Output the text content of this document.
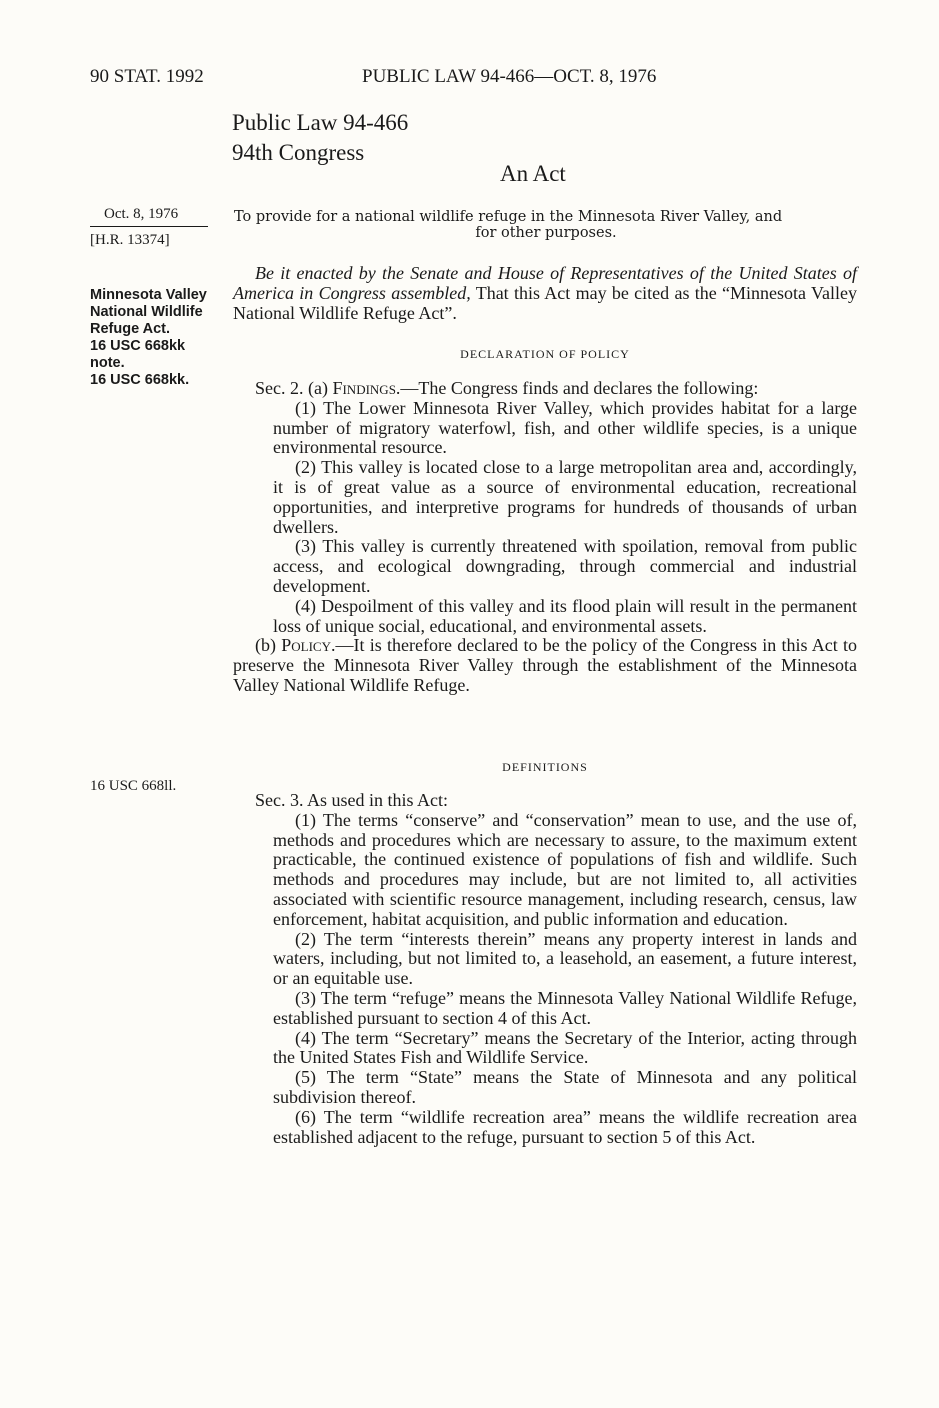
90 STAT. 1992	PUBLIC LAW 94-466—OCT. 8, 1976
Public Law 94-466
94th Congress
An Act
Oct. 8, 1976
[H.R. 13374]
Minnesota Valley National Wildlife Refuge Act.
16 USC 668kk note.
16 USC 668kk.
16 USC 668ll.
To provide for a national wildlife refuge in the Minnesota River Valley, and
for other purposes.

Be it enacted by the Senate and House of Representatives of the United States of America in Congress assembled, That this Act may be cited as the “Minnesota Valley National Wildlife Refuge Act”.

DECLARATION OF POLICY

Sec. 2. (a) Findings.—The Congress finds and declares the following:

(1) The Lower Minnesota River Valley, which provides habitat for a large number of migratory waterfowl, fish, and other wildlife species, is a unique environmental resource.

(2) This valley is located close to a large metropolitan area and, accordingly, it is of great value as a source of environmental education, recreational opportunities, and interpretive programs for hundreds of thousands of urban dwellers.

(3) This valley is currently threatened with spoilation, removal from public access, and ecological downgrading, through commercial and industrial development.

(4) Despoilment of this valley and its flood plain will result in the permanent loss of unique social, educational, and environmental assets.

(b) Policy.—It is therefore declared to be the policy of the Congress in this Act to preserve the Minnesota River Valley through the establishment of the Minnesota Valley National Wildlife Refuge.

DEFINITIONS

Sec. 3. As used in this Act:

(1) The terms “conserve” and “conservation” mean to use, and the use of, methods and procedures which are necessary to assure, to the maximum extent practicable, the continued existence of populations of fish and wildlife. Such methods and procedures may include, but are not limited to, all activities associated with scientific resource management, including research, census, law enforcement, habitat acquisition, and public information and education.

(2) The term “interests therein” means any property interest in lands and waters, including, but not limited to, a leasehold, an easement, a future interest, or an equitable use.

(3) The term “refuge” means the Minnesota Valley National Wildlife Refuge, established pursuant to section 4 of this Act.

(4) The term “Secretary” means the Secretary of the Interior, acting through the United States Fish and Wildlife Service.

(5) The term “State” means the State of Minnesota and any political subdivision thereof.

(6) The term “wildlife recreation area” means the wildlife recreation area established adjacent to the refuge, pursuant to section 5 of this Act.
